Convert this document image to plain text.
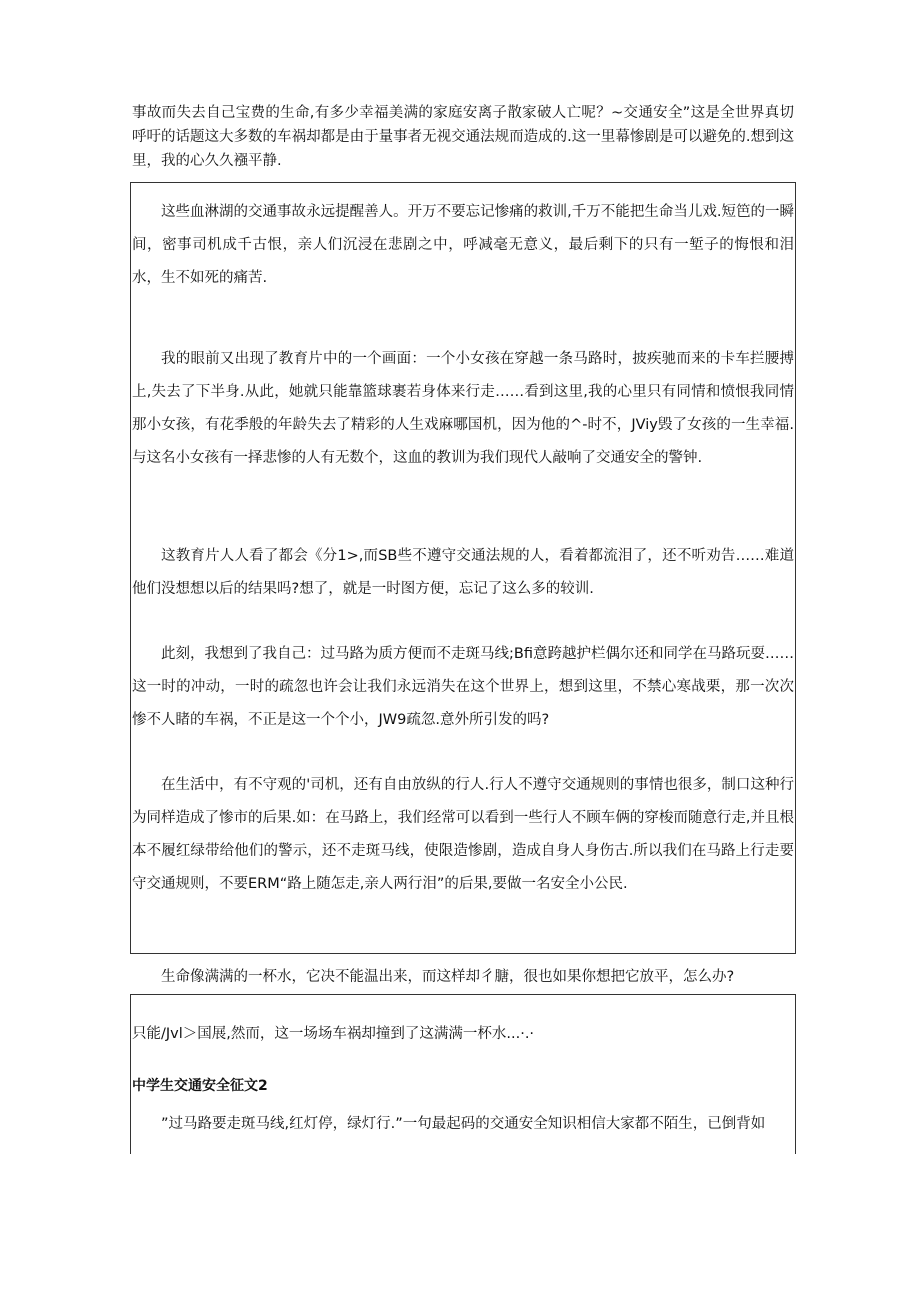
事故而失去自己宝费的生命,有多少幸福美满的家庭安离子散家破人亡呢？~交通安全”这是全世界真切呼吁的话题这大多数的车祸却都是由于量事者无视交通法规而造成的.这一里幕惨剧是可以避免的.想到这里，我的心久久襁平静.

这些血淋湖的交通事故永远提醒善人。开万不要忘记惨痛的救训,千万不能把生命当儿戏.短笆的一瞬间，密事司机成千古恨，亲人们沉浸在悲剧之中，呼减毫无意义，最后剩下的只有一堑子的悔恨和泪水，生不如死的痛苦.

我的眼前又出现了教育片中的一个画面：一个小女孩在穿越一条马路时，披疾驰而来的卡车拦腰搏上,失去了下半身.从此，她就只能靠篮球裹若身体来行走……看到这里,我的心里只有同情和愤恨我同情那小女孩，有花季般的年龄失去了精彩的人生戏麻哪国机，因为他的^-时不，JViy毁了女孩的一生幸福.与这名小女孩有一择悲惨的人有无数个，这血的教训为我们现代人敲响了交通安全的警钟.

这教育片人人看了都会《分1>,而SB些不遵守交通法规的人，看着都流泪了，还不听劝告……难道他们没想想以后的结果吗?想了，就是一时图方便，忘记了这么多的较训.

此刻，我想到了我自己：过马路为质方便而不走斑马线;Bfi意跨越护栏偶尔还和同学在马路玩耍……这一时的冲动，一时的疏忽也许会让我们永远消失在这个世界上，想到这里，不禁心寒战栗，那一次次惨不人睹的车祸，不正是这一个个小，JW9疏忽.意外所引发的吗?

在生活中，有不守观的'司机，还有自由放纵的行人.行人不遵守交通规则的事情也很多，制口这种行为同样造成了惨市的后果.如：在马路上，我们经常可以看到一些行人不顾车俩的穿梭而随意行走,并且根本不履红绿带给他们的警示，还不走斑马线，使限造惨剧，造成自身人身伤古.所以我们在马路上行走要守交通规则，不要ERM“路上随怎走,亲人两行泪”的后果,要做一名安全小公民.

生命像满满的一杯水，它决不能温出来，而这样却彳膅，很也如果你想把它放平，怎么办?

只能/Jvl＞国展,然而，这一场场车祸却撞到了这满满一杯水...·.·

中学生交通安全征文2

”过马路要走斑马线,红灯停，绿灯行.”一句最起码的交通安全知识相信大家都不陌生，已倒背如
